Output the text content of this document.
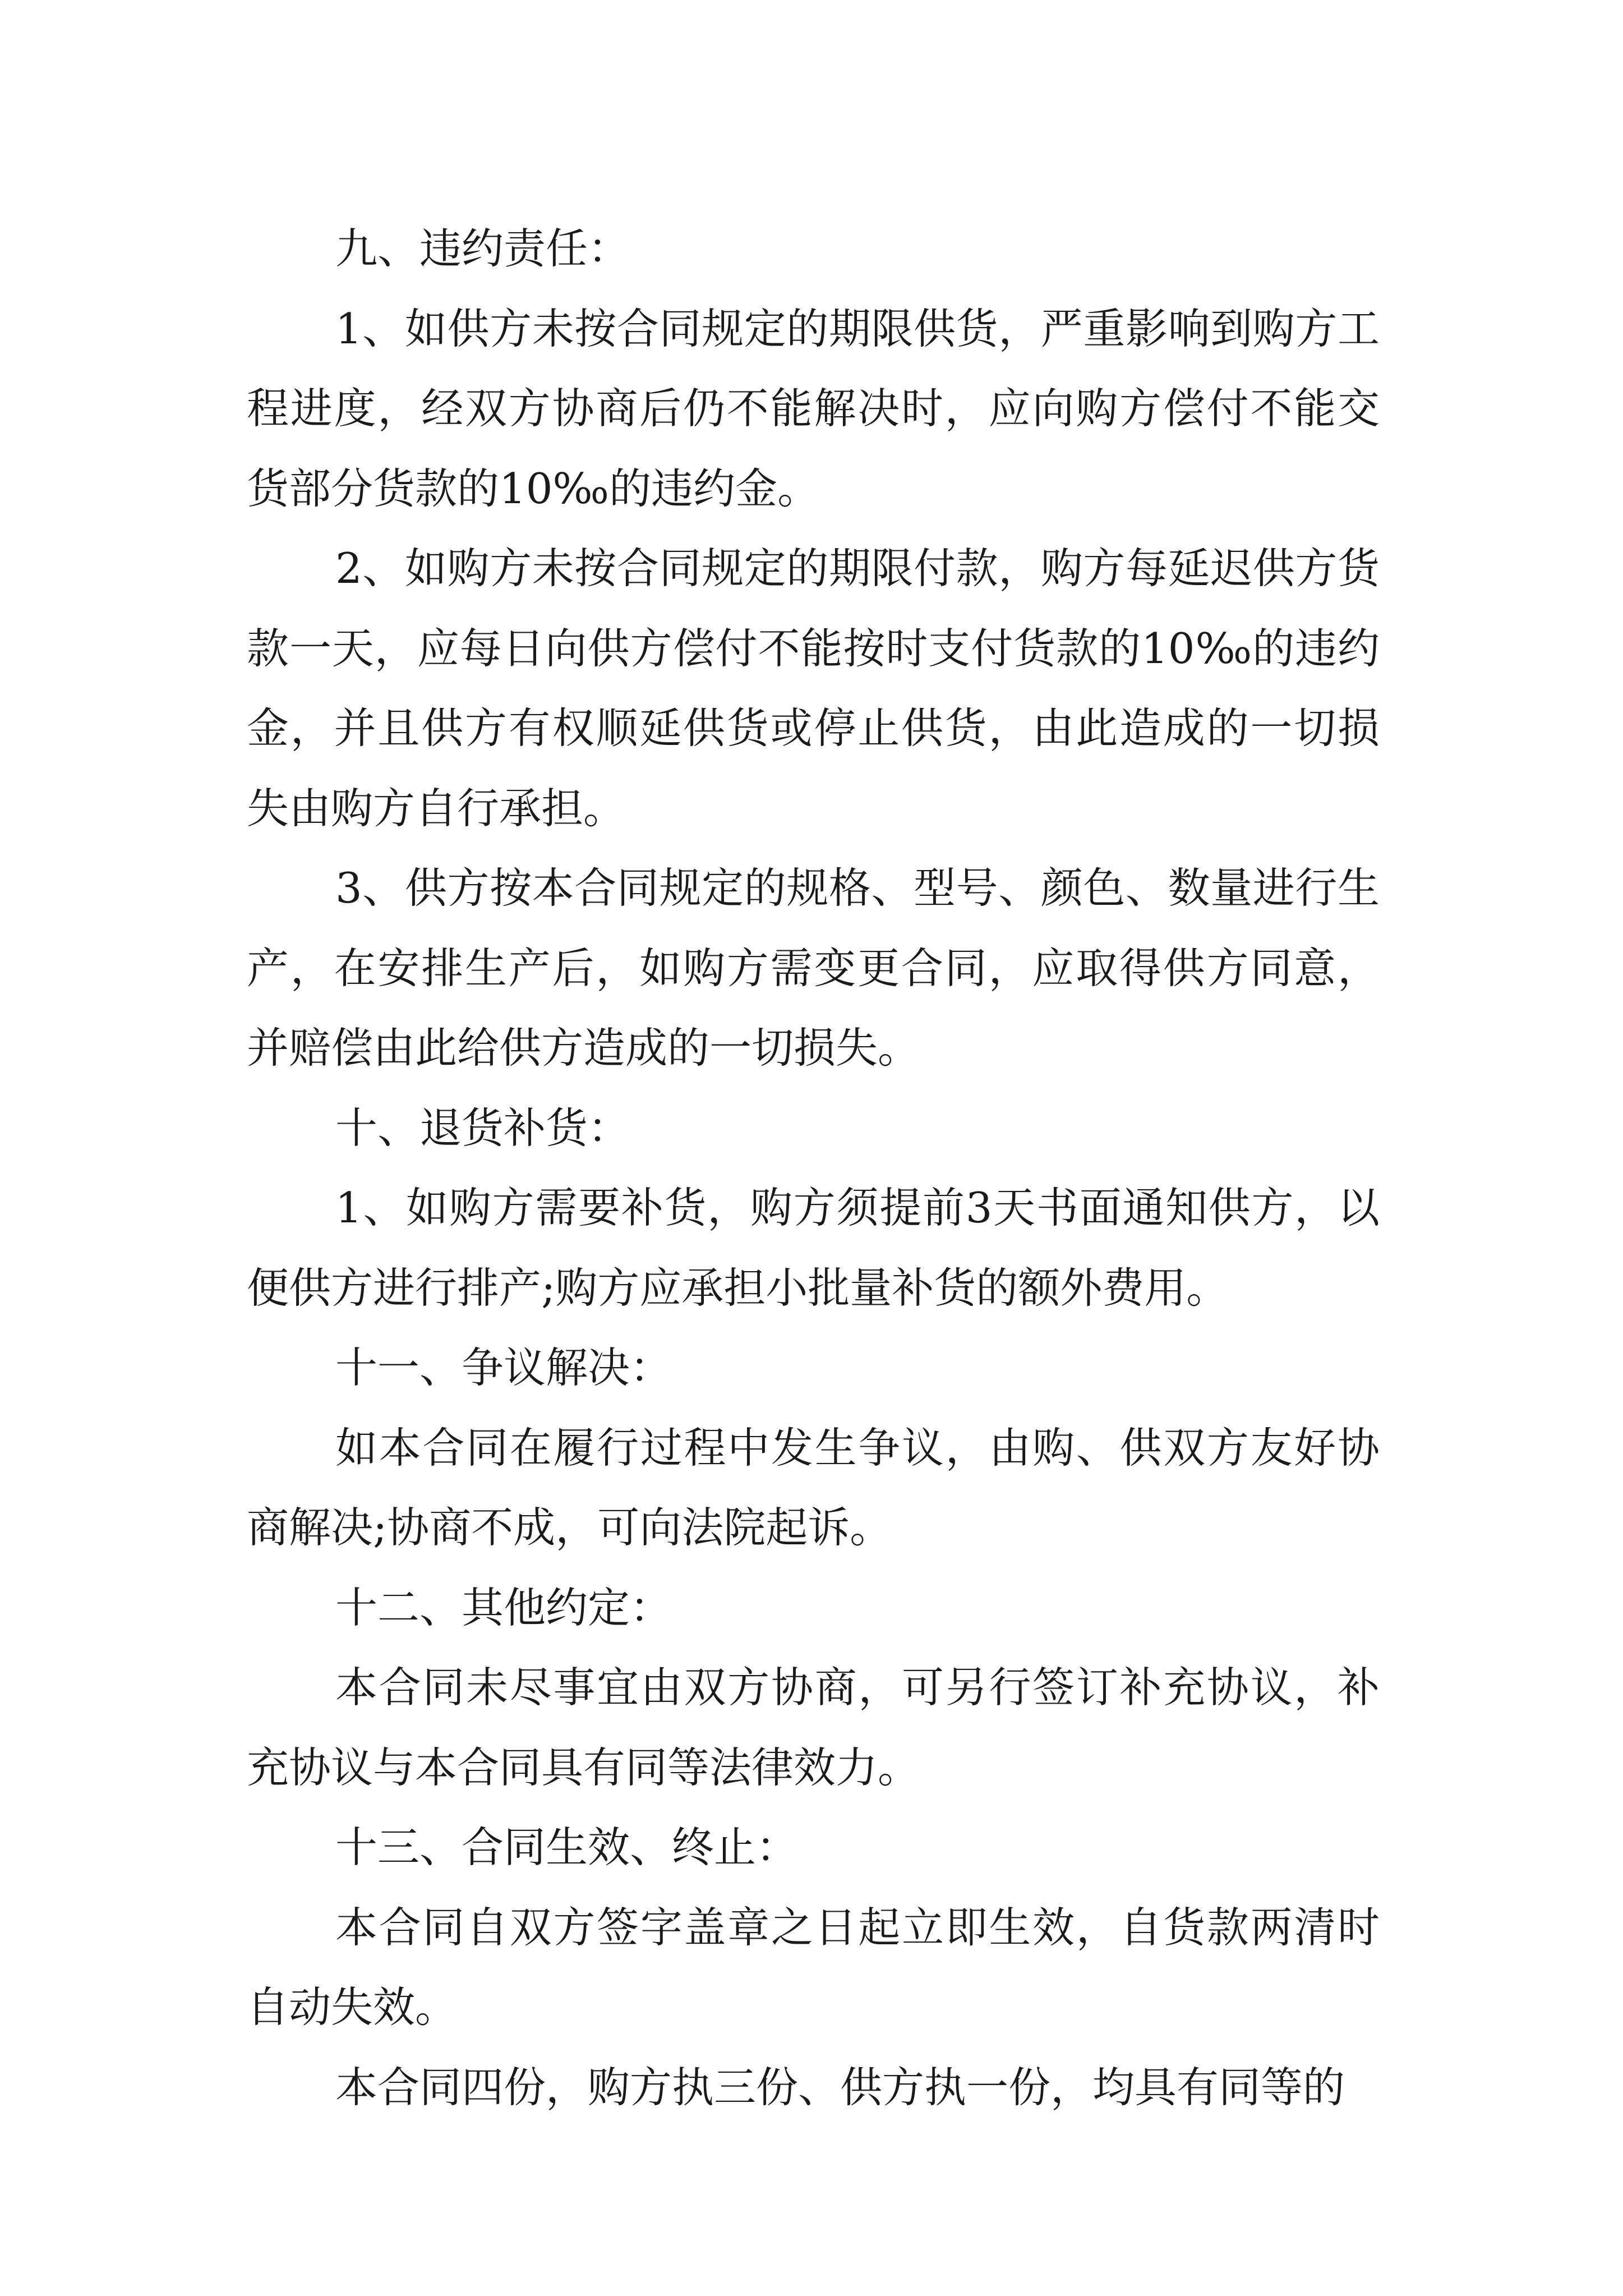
九、违约责任：

1、如供方未按合同规定的期限供货，严重影响到购方工程进度，经双方协商后仍不能解决时，应向购方偿付不能交货部分货款的10‰的违约金。

2、如购方未按合同规定的期限付款，购方每延迟供方货款一天，应每日向供方偿付不能按时支付货款的10‰的违约金，并且供方有权顺延供货或停止供货，由此造成的一切损失由购方自行承担。

3、供方按本合同规定的规格、型号、颜色、数量进行生产，在安排生产后，如购方需变更合同，应取得供方同意，并赔偿由此给供方造成的一切损失。

十、退货补货：

1、如购方需要补货，购方须提前3天书面通知供方，以便供方进行排产;购方应承担小批量补货的额外费用。

十一、争议解决：

如本合同在履行过程中发生争议，由购、供双方友好协商解决;协商不成，可向法院起诉。

十二、其他约定：

本合同未尽事宜由双方协商，可另行签订补充协议，补充协议与本合同具有同等法律效力。

十三、合同生效、终止：

本合同自双方签字盖章之日起立即生效，自货款两清时自动失效。

本合同四份，购方执三份、供方执一份，均具有同等的
